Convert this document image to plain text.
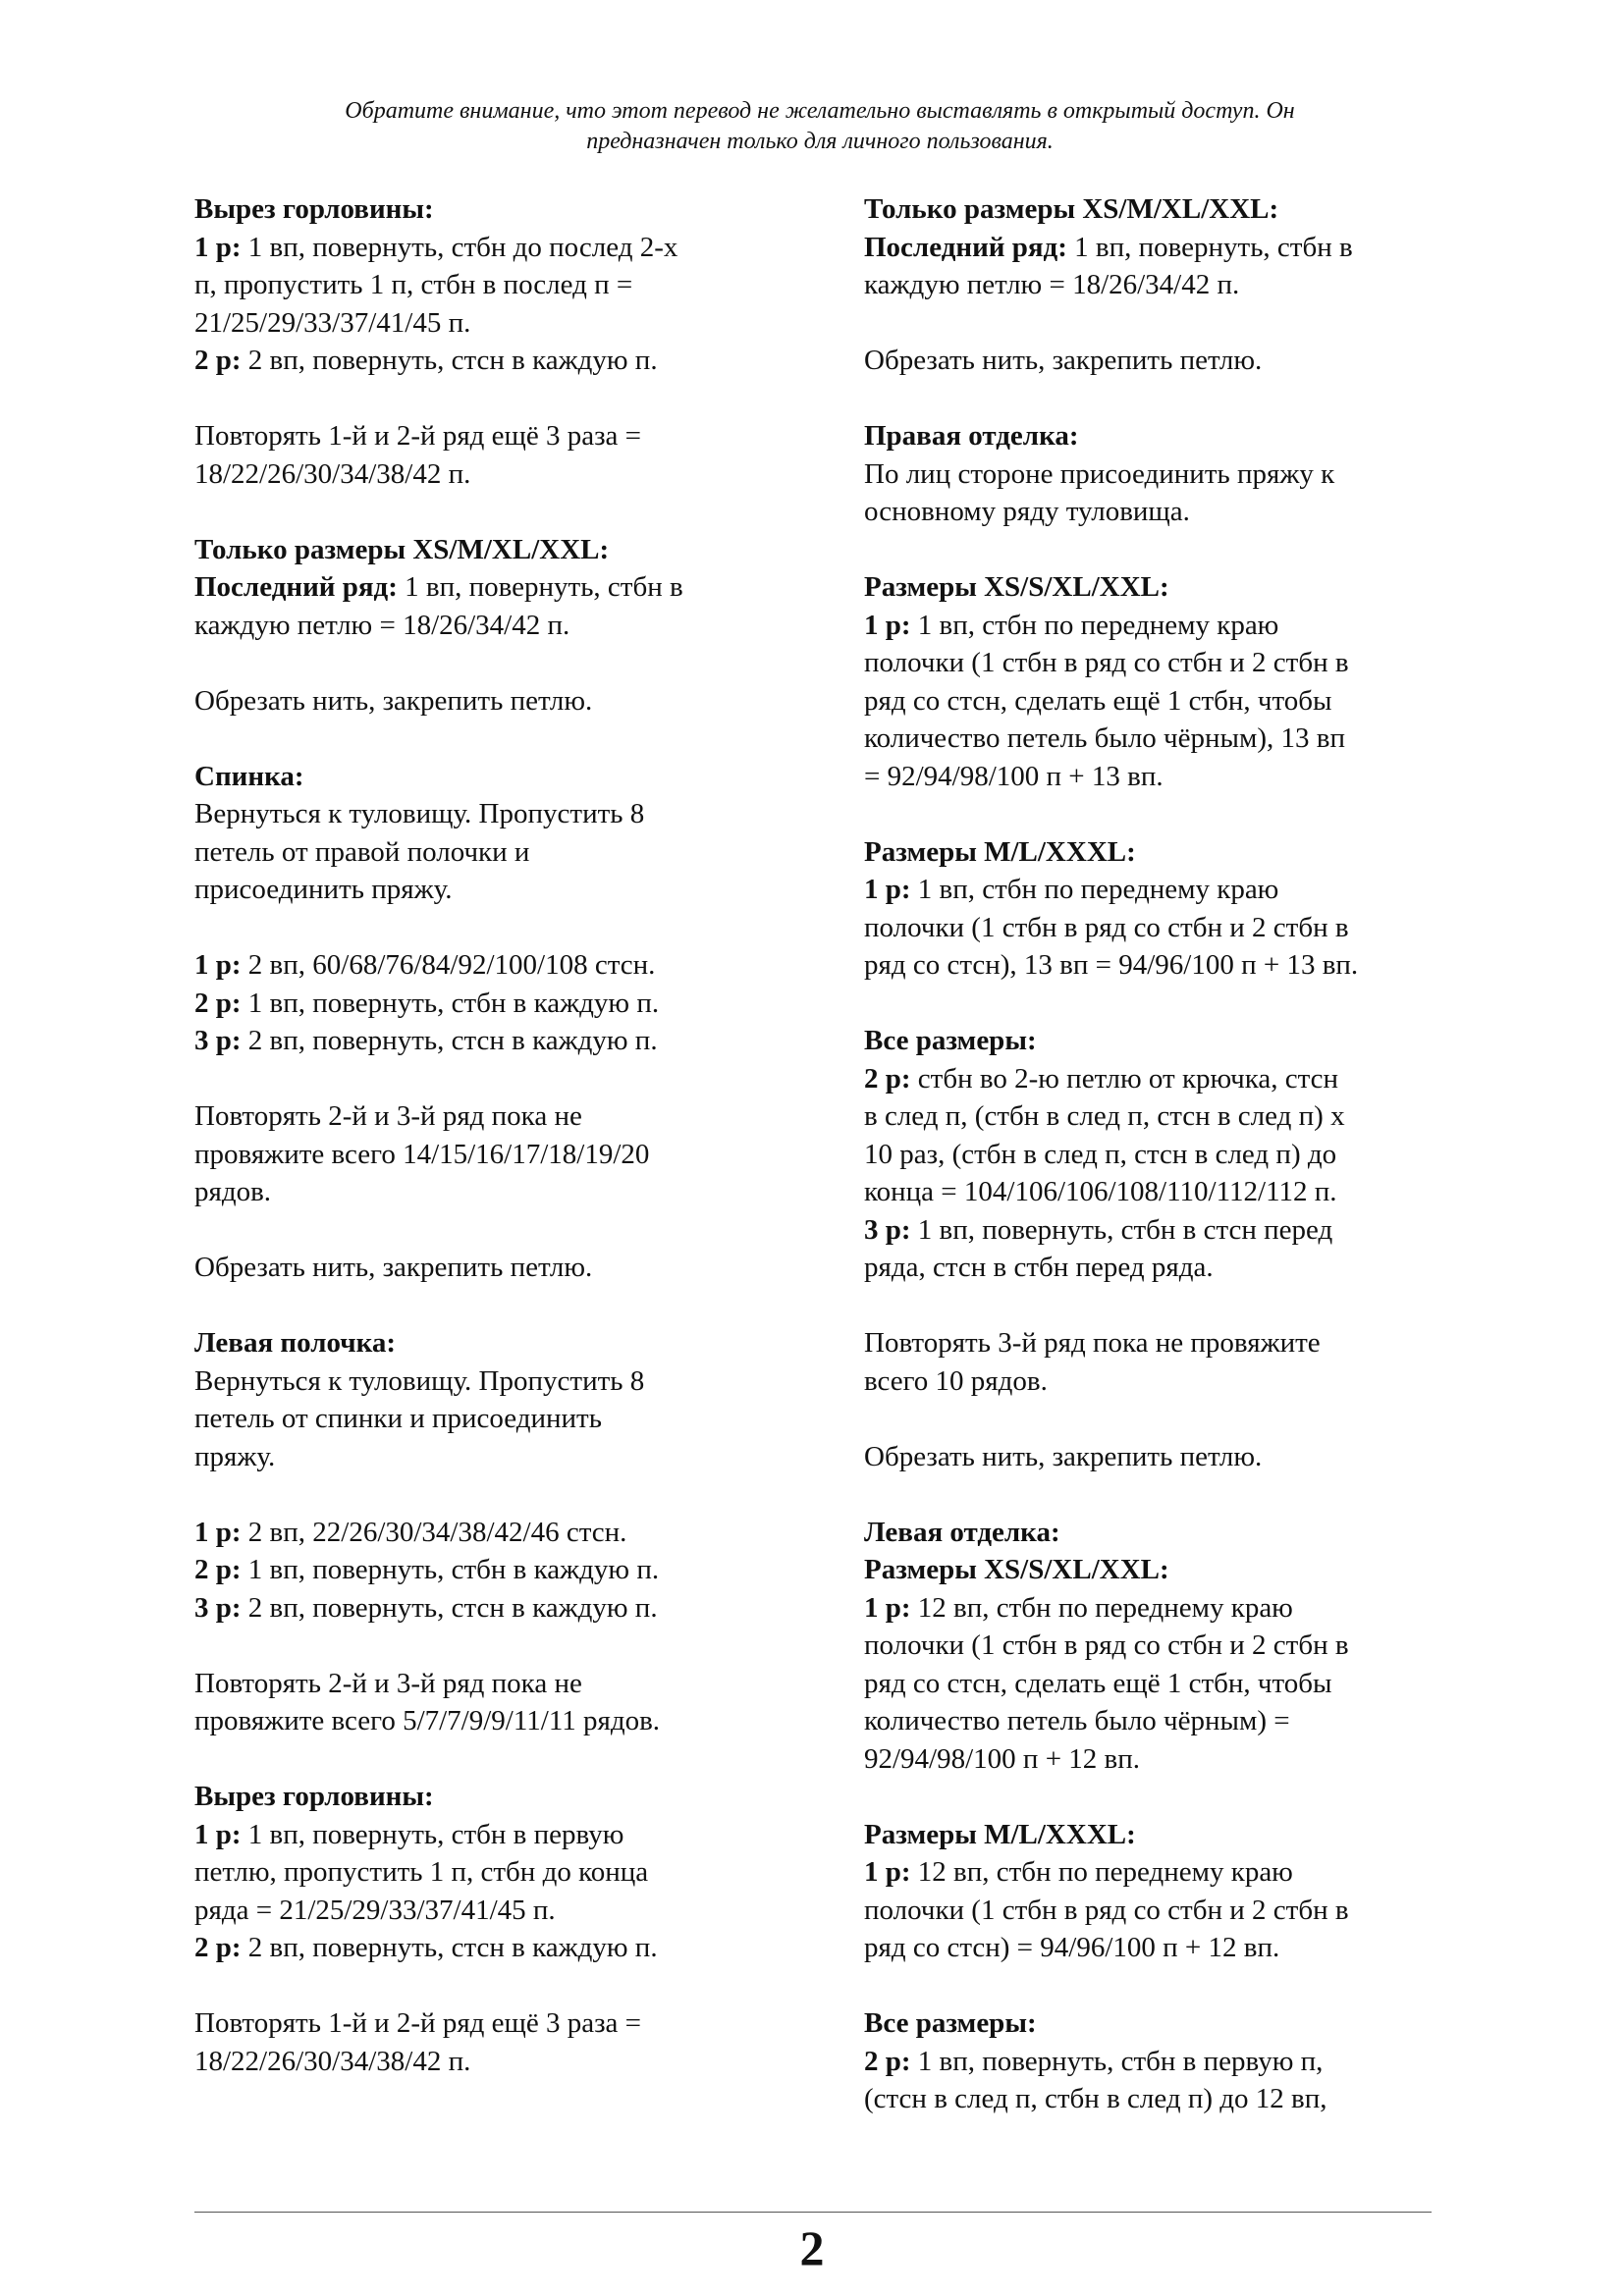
Обратите внимание, что этот перевод не желательно выставлять в открытый доступ. Он
предназначен только для личного пользования.

Вырез горловины:

1 р: 1 вп, повернуть, стбн до послед 2-х

п, пропустить 1 п, стбн в послед п =

21/25/29/33/37/41/45 п.

2 р: 2 вп, повернуть, стсн в каждую п.

Повторять 1-й и 2-й ряд ещё 3 раза =

18/22/26/30/34/38/42 п.

Только размеры XS/M/XL/XXL:

Последний ряд: 1 вп, повернуть, стбн в

каждую петлю = 18/26/34/42 п.

Обрезать нить, закрепить петлю.

Спинка:

Вернуться к туловищу. Пропустить 8

петель от правой полочки и

присоединить пряжу.

1 р: 2 вп, 60/68/76/84/92/100/108 стсн.

2 р: 1 вп, повернуть, стбн в каждую п.

3 р: 2 вп, повернуть, стсн в каждую п.

Повторять 2-й и 3-й ряд пока не

провяжите всего 14/15/16/17/18/19/20

рядов.

Обрезать нить, закрепить петлю.

Левая полочка:

Вернуться к туловищу. Пропустить 8

петель от спинки и присоединить

пряжу.

1 р: 2 вп, 22/26/30/34/38/42/46 стсн.

2 р: 1 вп, повернуть, стбн в каждую п.

3 р: 2 вп, повернуть, стсн в каждую п.

Повторять 2-й и 3-й ряд пока не

провяжите всего 5/7/7/9/9/11/11 рядов.

Вырез горловины:

1 р: 1 вп, повернуть, стбн в первую

петлю, пропустить 1 п, стбн до конца

ряда = 21/25/29/33/37/41/45 п.

2 р: 2 вп, повернуть, стсн в каждую п.

Повторять 1-й и 2-й ряд ещё 3 раза =

18/22/26/30/34/38/42 п.

Только размеры XS/M/XL/XXL:

Последний ряд: 1 вп, повернуть, стбн в

каждую петлю = 18/26/34/42 п.

Обрезать нить, закрепить петлю.

Правая отделка:

По лиц стороне присоединить пряжу к

основному ряду туловища.

Размеры XS/S/XL/XXL:

1 р: 1 вп, стбн по переднему краю

полочки (1 стбн в ряд со стбн и 2 стбн в

ряд со стсн, сделать ещё 1 стбн, чтобы

количество петель было чёрным), 13 вп

= 92/94/98/100 п + 13 вп.

Размеры M/L/XXXL:

1 р: 1 вп, стбн по переднему краю

полочки (1 стбн в ряд со стбн и 2 стбн в

ряд со стсн), 13 вп = 94/96/100 п + 13 вп.

Все размеры:

2 р: стбн во 2-ю петлю от крючка, стсн

в след п, (стбн в след п, стсн в след п) х

10 раз, (стбн в след п, стсн в след п) до

конца = 104/106/106/108/110/112/112 п.

3 р: 1 вп, повернуть, стбн в стсн перед

ряда, стсн в стбн перед ряда.

Повторять 3-й ряд пока не провяжите

всего 10 рядов.

Обрезать нить, закрепить петлю.

Левая отделка:

Размеры XS/S/XL/XXL:

1 р: 12 вп, стбн по переднему краю

полочки (1 стбн в ряд со стбн и 2 стбн в

ряд со стсн, сделать ещё 1 стбн, чтобы

количество петель было чёрным) =

92/94/98/100 п + 12 вп.

Размеры M/L/XXXL:

1 р: 12 вп, стбн по переднему краю

полочки (1 стбн в ряд со стбн и 2 стбн в

ряд со стсн) = 94/96/100 п + 12 вп.

Все размеры:

2 р: 1 вп, повернуть, стбн в первую п,

(стсн в след п, стбн в след п) до 12 вп,

2
